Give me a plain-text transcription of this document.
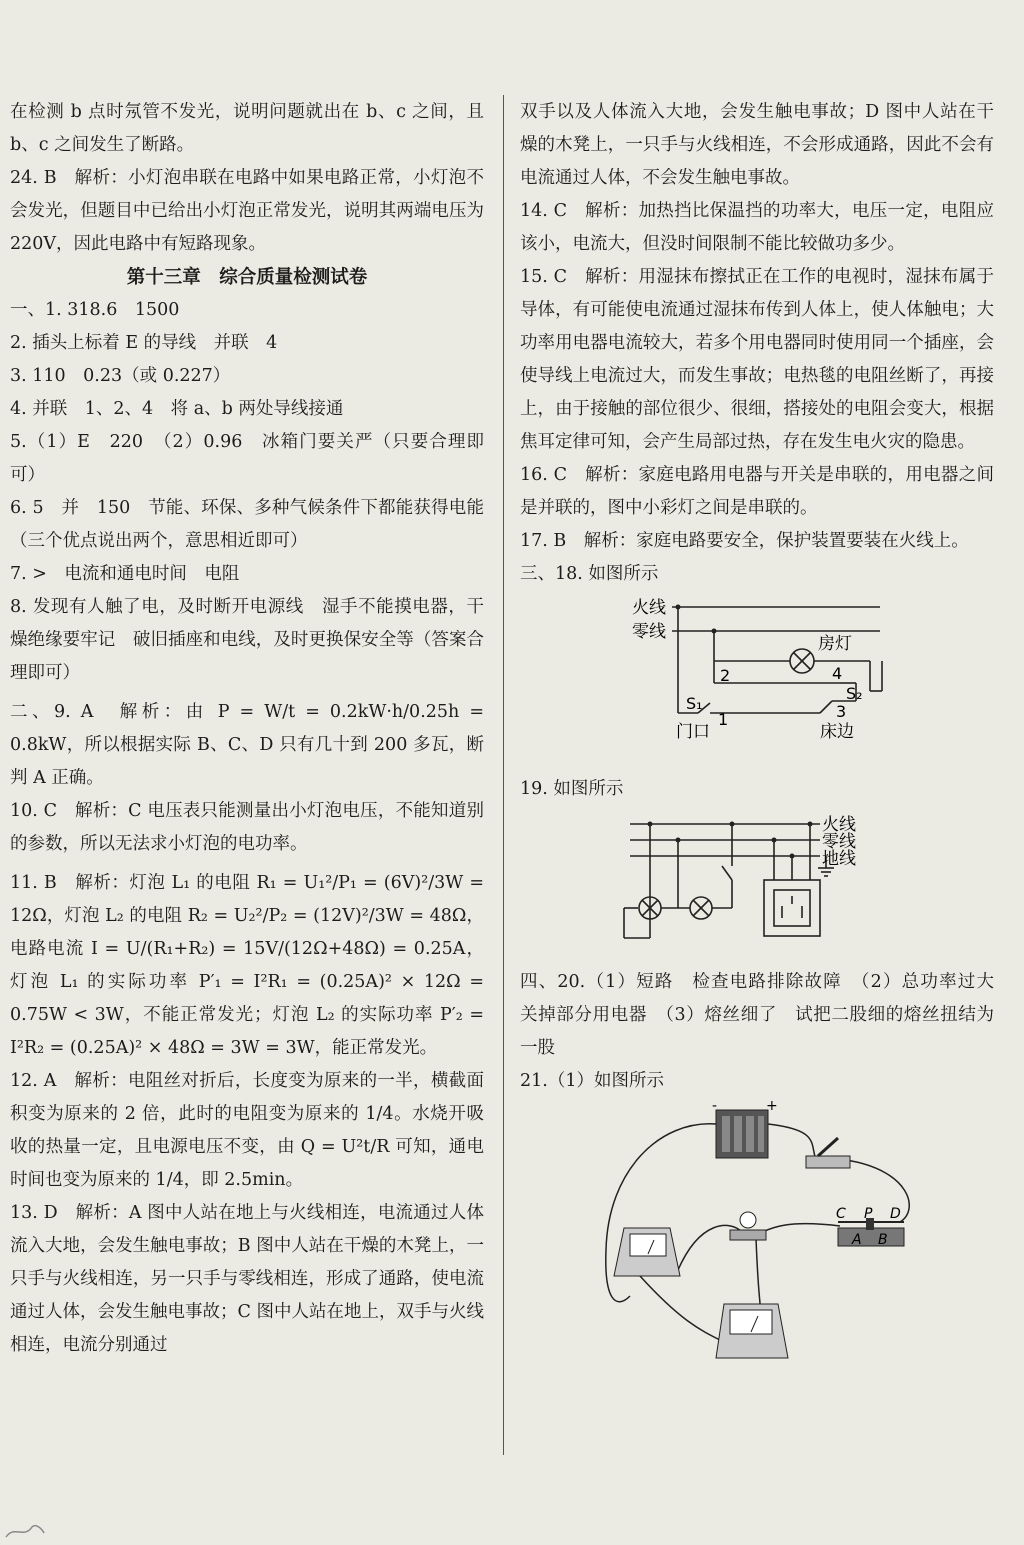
在检测 b 点时氖管不发光，说明问题就出在 b、c 之间，且 b、c 之间发生了断路。

24. B　解析：小灯泡串联在电路中如果电路正常，小灯泡不会发光，但题目中已给出小灯泡正常发光，说明其两端电压为220V，因此电路中有短路现象。

第十三章　综合质量检测试卷

一、1. 318.6　1500

2. 插头上标着 E 的导线　并联　4

3. 110　0.23（或 0.227）

4. 并联　1、2、4　将 a、b 两处导线接通

5.（1）E　220　（2）0.96　冰箱门要关严（只要合理即可）

6. 5　并　150　节能、环保、多种气候条件下都能获得电能（三个优点说出两个，意思相近即可）

7. >　电流和通电时间　电阻

8. 发现有人触了电，及时断开电源线　湿手不能摸电器，干燥绝缘要牢记　破旧插座和电线，及时更换保安全等（答案合理即可）

二、9. A　解析：由 P = W/t = 0.2kW·h/0.25h = 0.8kW，所以根据实际 B、C、D 只有几十到 200 多瓦，断判 A 正确。

10. C　解析：C 电压表只能测量出小灯泡电压，不能知道别的参数，所以无法求小灯泡的电功率。

11. B　解析：灯泡 L₁ 的电阻 R₁ = U₁²/P₁ = (6V)²/3W = 12Ω，灯泡 L₂ 的电阻 R₂ = U₂²/P₂ = (12V)²/3W = 48Ω，电路电流 I = U/(R₁+R₂) = 15V/(12Ω+48Ω) = 0.25A，灯泡 L₁ 的实际功率 P′₁ = I²R₁ = (0.25A)² × 12Ω = 0.75W < 3W，不能正常发光；灯泡 L₂ 的实际功率 P′₂ = I²R₂ = (0.25A)² × 48Ω = 3W = 3W，能正常发光。

12. A　解析：电阻丝对折后，长度变为原来的一半，横截面积变为原来的 2 倍，此时的电阻变为原来的 1/4。水烧开吸收的热量一定，且电源电压不变，由 Q = U²t/R 可知，通电时间也变为原来的 1/4，即 2.5min。

13. D　解析：A 图中人站在地上与火线相连，电流通过人体流入大地，会发生触电事故；B 图中人站在干燥的木凳上，一只手与火线相连，另一只手与零线相连，形成了通路，使电流通过人体，会发生触电事故；C 图中人站在地上，双手与火线相连，电流分别通过

双手以及人体流入大地，会发生触电事故；D 图中人站在干燥的木凳上，一只手与火线相连，不会形成通路，因此不会有电流通过人体，不会发生触电事故。

14. C　解析：加热挡比保温挡的功率大，电压一定，电阻应该小，电流大，但没时间限制不能比较做功多少。

15. C　解析：用湿抹布擦拭正在工作的电视时，湿抹布属于导体，有可能使电流通过湿抹布传到人体上，使人体触电；大功率用电器电流较大，若多个用电器同时使用同一个插座，会使导线上电流过大，而发生事故；电热毯的电阻丝断了，再接上，由于接触的部位很少、很细，搭接处的电阻会变大，根据焦耳定律可知，会产生局部过热，存在发生电火灾的隐患。

16. C　解析：家庭电路用电器与开关是串联的，用电器之间是并联的，图中小彩灯之间是串联的。

17. B　解析：家庭电路要安全，保护装置要装在火线上。

三、18. 如图所示

火线
零线
房灯
2	4
S₂
3
S₁
1
门口	床边

19. 如图所示

火线
零线
地线

四、20.（1）短路　检查电路排除故障　（2）总功率过大　关掉部分用电器　（3）熔丝细了　试把二股细的熔丝扭结为一股

21.（1）如图所示

-	+
C P D
A B
